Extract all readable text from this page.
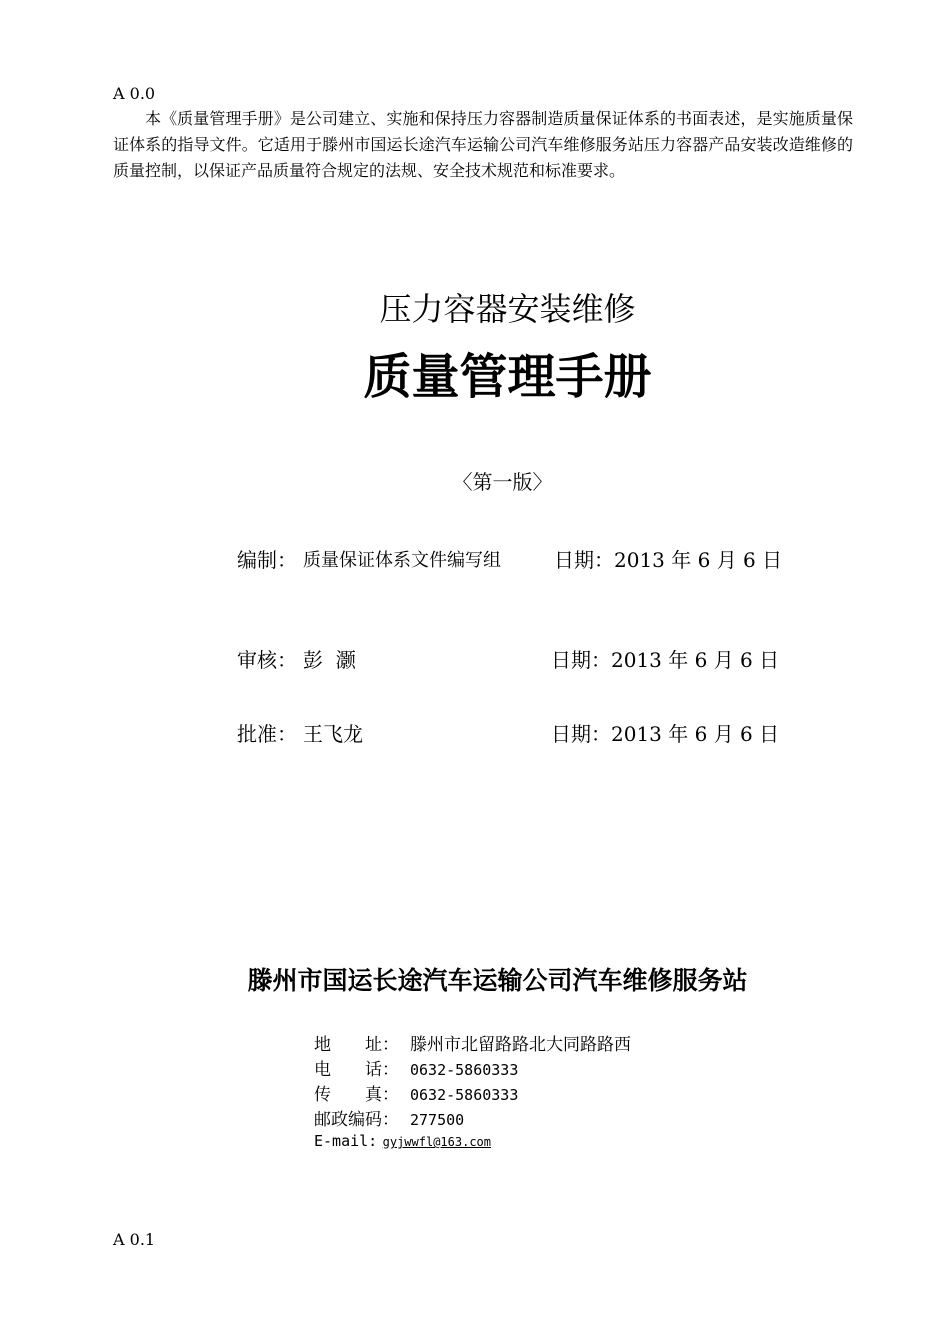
A 0.0

本《质量管理手册》是公司建立、实施和保持压力容器制造质量保证体系的书面表述，是实施质量保证体系的指导文件。它适用于滕州市国运长途汽车运输公司汽车维修服务站压力容器产品安装改造维修的质量控制，以保证产品质量符合规定的法规、安全技术规范和标准要求。

压力容器安装维修
质量管理手册
〈第一版〉
编制： 质量保证体系文件编写组	日期：2013 年 6 月 6 日
审核： 彭  灏	日期：2013 年 6 月 6 日
批准： 王飞龙	日期：2013 年 6 月 6 日
滕州市国运长途汽车运输公司汽车维修服务站
地　　址： 滕州市北留路路北大同路路西
电　　话： 0632-5860333
传　　真： 0632-5860333
邮政编码： 277500
E-mail: gyjwwfl@163.com
A 0.1
